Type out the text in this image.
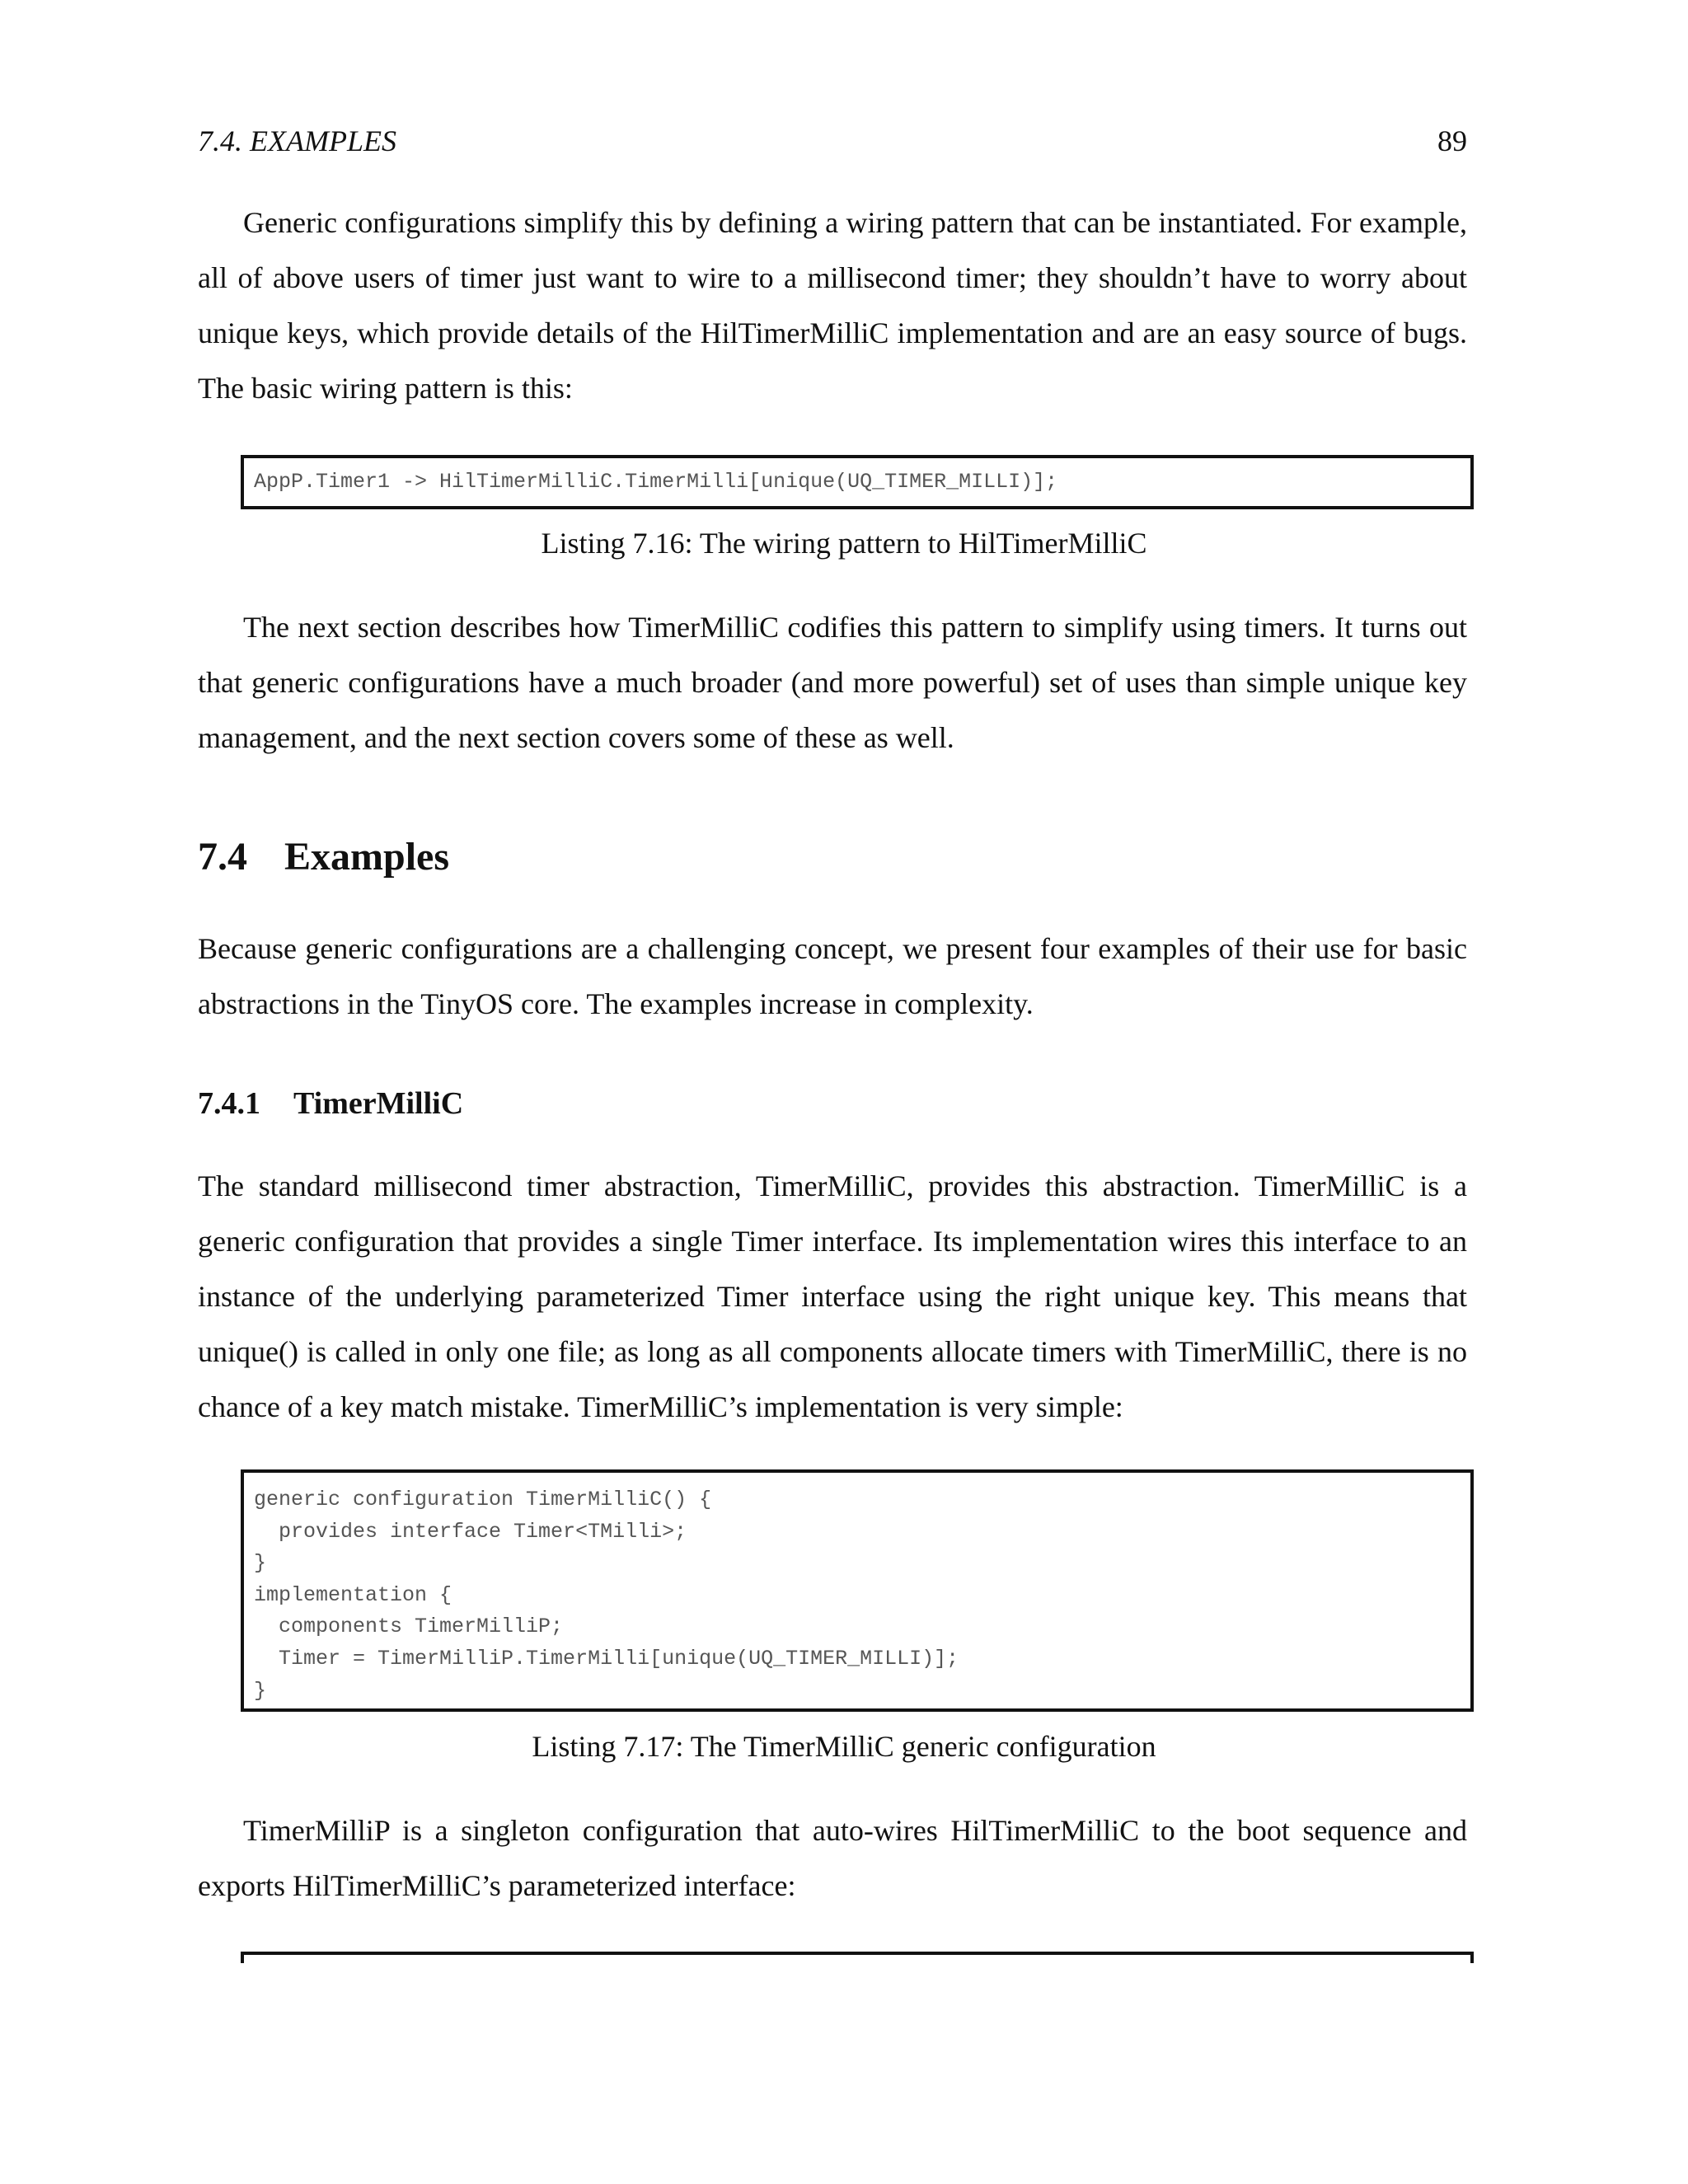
7.4. EXAMPLES	89

Generic configurations simplify this by defining a wiring pattern that can be instantiated. For example, all of above users of timer just want to wire to a millisecond timer; they shouldn’t have to worry about unique keys, which provide details of the HilTimerMilliC implementation and are an easy source of bugs. The basic wiring pattern is this:

AppP.Timer1 -> HilTimerMilliC.TimerMilli[unique(UQ_TIMER_MILLI)];
Listing 7.16: The wiring pattern to HilTimerMilliC

The next section describes how TimerMilliC codifies this pattern to simplify using timers. It turns out that generic configurations have a much broader (and more powerful) set of uses than simple unique key management, and the next section covers some of these as well.

7.4 Examples

Because generic configurations are a challenging concept, we present four examples of their use for basic abstractions in the TinyOS core. The examples increase in complexity.

7.4.1 TimerMilliC

The standard millisecond timer abstraction, TimerMilliC, provides this abstraction. TimerMilliC is a generic configuration that provides a single Timer interface. Its implementation wires this interface to an instance of the underlying parameterized Timer interface using the right unique key. This means that unique() is called in only one file; as long as all components allocate timers with TimerMilliC, there is no chance of a key match mistake. TimerMilliC’s implementation is very simple:

generic configuration TimerMilliC() {
provides interface Timer<TMilli>;
}
implementation {
components TimerMilliP;
Timer = TimerMilliP.TimerMilli[unique(UQ_TIMER_MILLI)];
}
Listing 7.17: The TimerMilliC generic configuration

TimerMilliP is a singleton configuration that auto-wires HilTimerMilliC to the boot sequence and exports HilTimerMilliC’s parameterized interface:
